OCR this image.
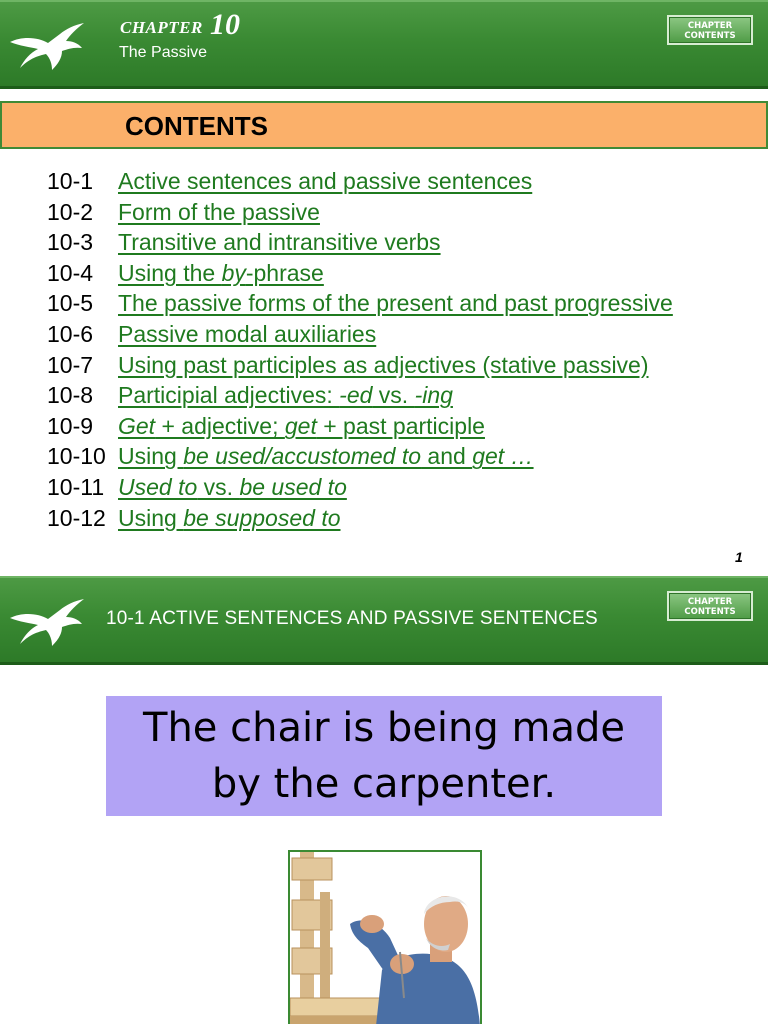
CHAPTER 10
The Passive
CHAPTER
CONTENTS
CONTENTS
10-1 Active sentences and passive sentences
10-2 Form of the passive
10-3 Transitive and intransitive verbs
10-4 Using the by-phrase
10-5 The passive forms of the present and past progressive
10-6 Passive modal auxiliaries
10-7 Using past participles as adjectives (stative passive)
10-8 Participial adjectives: -ed vs. -ing
10-9 Get + adjective; get + past participle
10-10 Using be used/accustomed to and get …
10-11 Used to vs. be used to
10-12 Using be supposed to
1
10-1 ACTIVE SENTENCES AND PASSIVE SENTENCES
CHAPTER
CONTENTS
The chair is being made by the carpenter.
